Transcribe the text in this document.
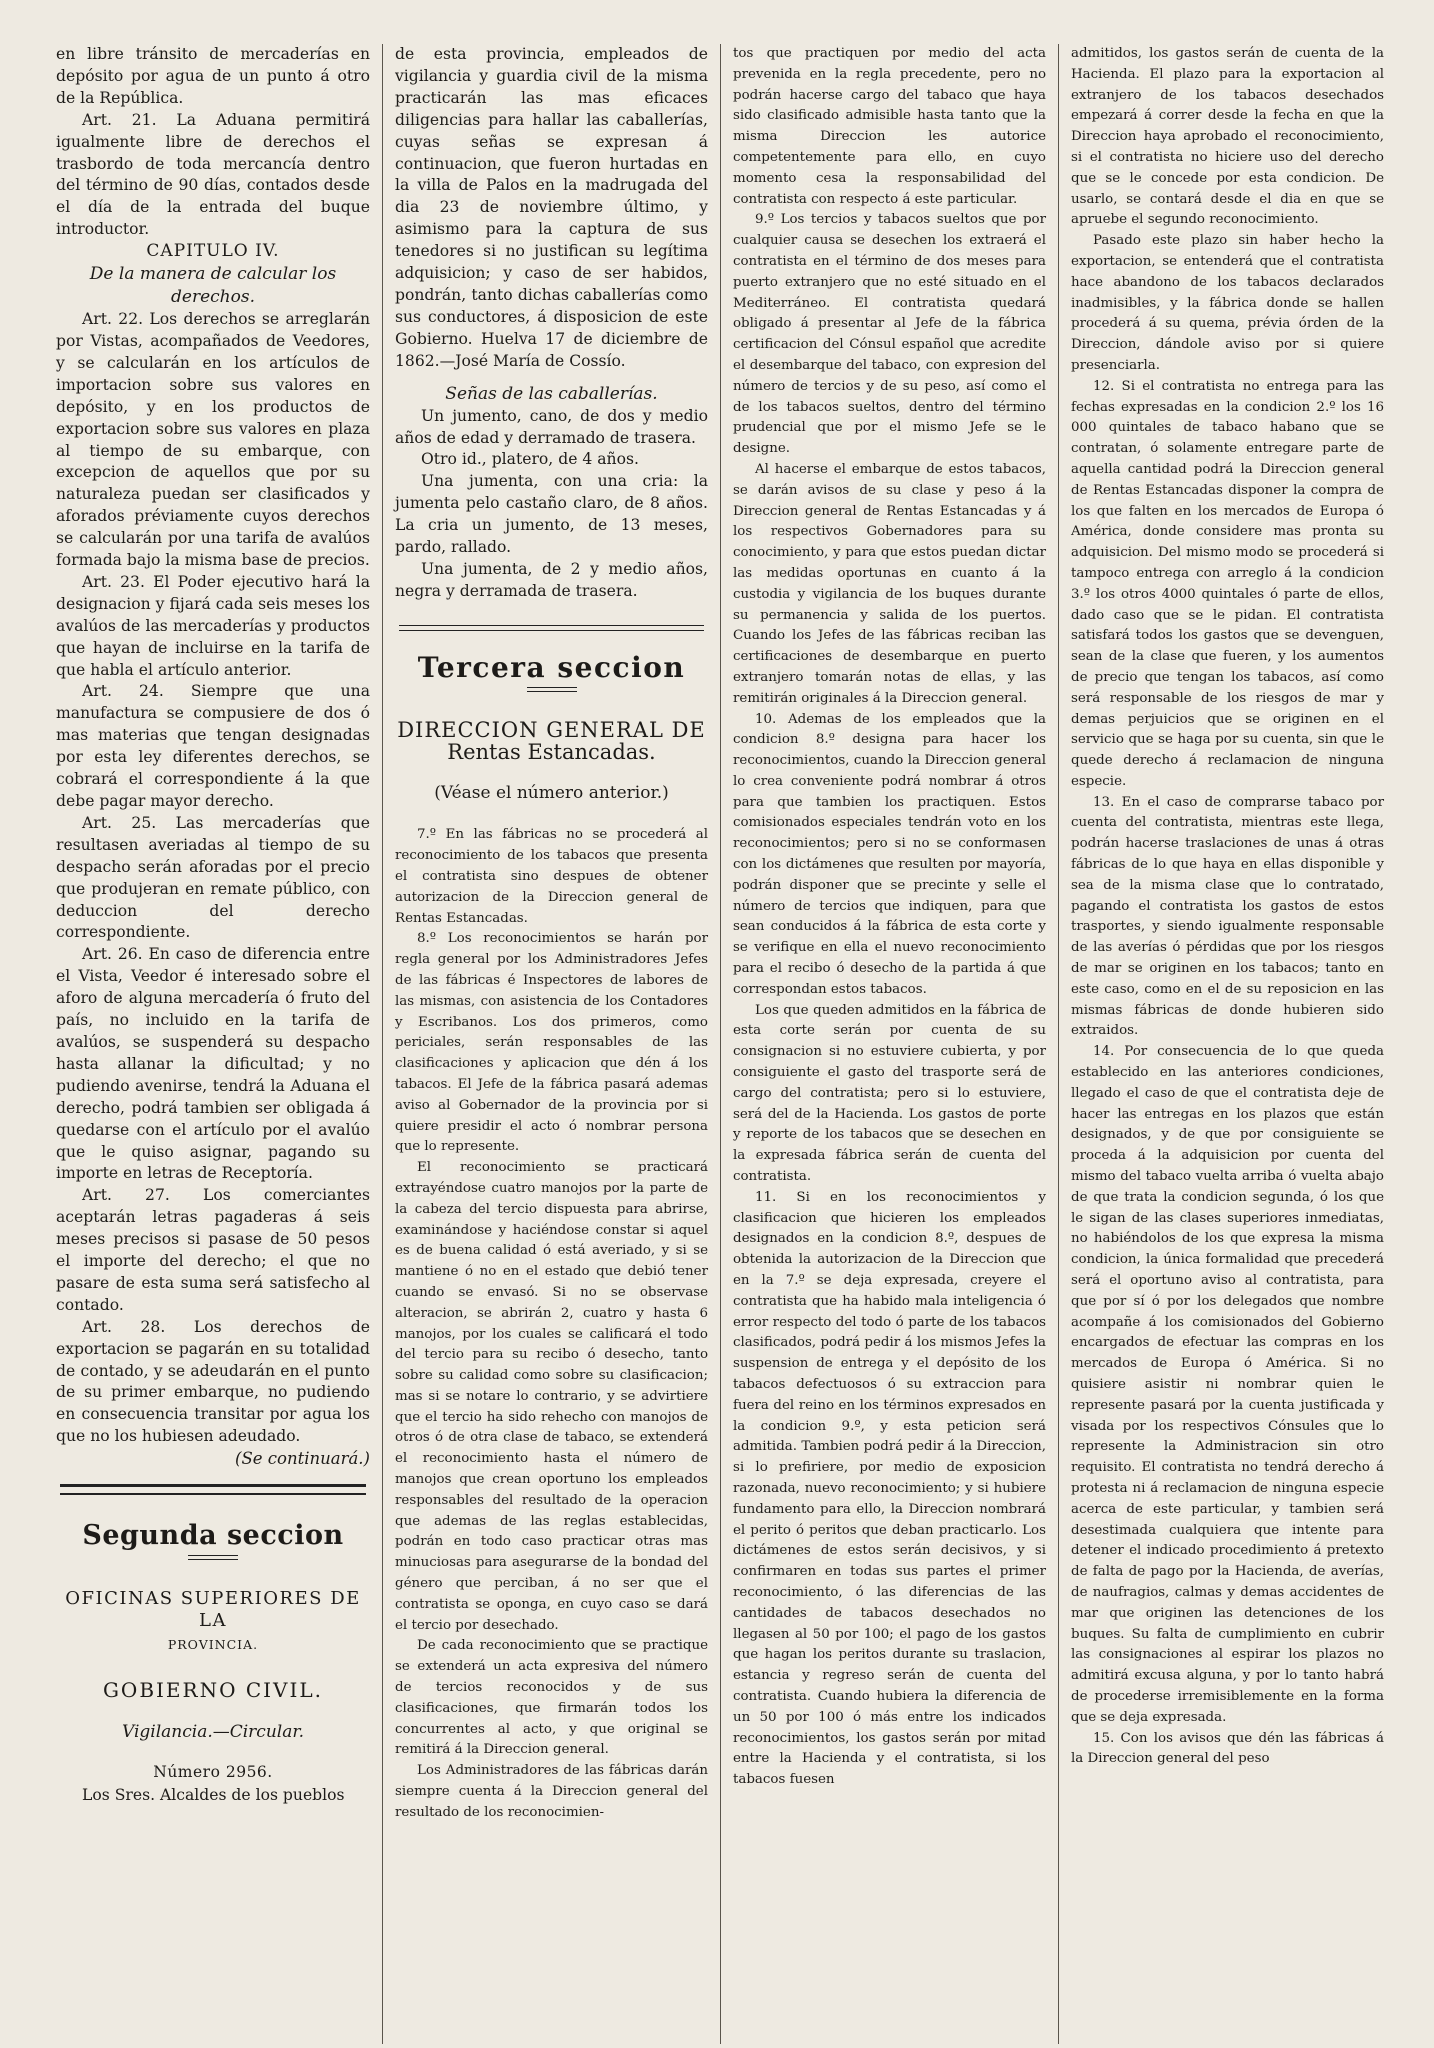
en libre tránsito de mercaderías en depósito por agua de un punto á otro de la República.

Art. 21. La Aduana permitirá igualmente libre de derechos el trasbordo de toda mercancía dentro del término de 90 días, contados desde el día de la entrada del buque introductor.

CAPITULO IV.

De la manera de calcular los derechos.

Art. 22. Los derechos se arreglarán por Vistas, acompañados de Veedores, y se calcularán en los artículos de importacion sobre sus valores en depósito, y en los productos de exportacion sobre sus valores en plaza al tiempo de su embarque, con excepcion de aquellos que por su naturaleza puedan ser clasificados y aforados préviamente cuyos derechos se calcularán por una tarifa de avalúos formada bajo la misma base de precios.

Art. 23. El Poder ejecutivo hará la designacion y fijará cada seis meses los avalúos de las mercaderías y productos que hayan de incluirse en la tarifa de que habla el artículo anterior.

Art. 24. Siempre que una manufactura se compusiere de dos ó mas materias que tengan designadas por esta ley diferentes derechos, se cobrará el correspondiente á la que debe pagar mayor derecho.

Art. 25. Las mercaderías que resultasen averiadas al tiempo de su despacho serán aforadas por el precio que produjeran en remate público, con deduccion del derecho correspondiente.

Art. 26. En caso de diferencia entre el Vista, Veedor é interesado sobre el aforo de alguna mercadería ó fruto del país, no incluido en la tarifa de avalúos, se suspenderá su despacho hasta allanar la dificultad; y no pudiendo avenirse, tendrá la Aduana el derecho, podrá tambien ser obligada á quedarse con el artículo por el avalúo que le quiso asignar, pagando su importe en letras de Receptoría.

Art. 27. Los comerciantes aceptarán letras pagaderas á seis meses precisos si pasase de 50 pesos el importe del derecho; el que no pasare de esta suma será satisfecho al contado.

Art. 28. Los derechos de exportacion se pagarán en su totalidad de contado, y se adeudarán en el punto de su primer embarque, no pudiendo en consecuencia transitar por agua los que no los hubiesen adeudado.

(Se continuará.)

Segunda seccion
OFICINAS SUPERIORES DE LA
PROVINCIA.
GOBIERNO CIVIL.
Vigilancia.—Circular.
Número 2956.

Los Sres. Alcaldes de los pueblos

de esta provincia, empleados de vigilancia y guardia civil de la misma practicarán las mas eficaces diligencias para hallar las caballerías, cuyas señas se expresan á continuacion, que fueron hurtadas en la villa de Palos en la madrugada del dia 23 de noviembre último, y asimismo para la captura de sus tenedores si no justifican su legítima adquisicion; y caso de ser habidos, pondrán, tanto dichas caballerías como sus conductores, á disposicion de este Gobierno. Huelva 17 de diciembre de 1862.—José María de Cossío.

Señas de las caballerías.

Un jumento, cano, de dos y medio años de edad y derramado de trasera.

Otro id., platero, de 4 años.

Una jumenta, con una cria: la jumenta pelo castaño claro, de 8 años. La cria un jumento, de 13 meses, pardo, rallado.

Una jumenta, de 2 y medio años, negra y derramada de trasera.

Tercera seccion
DIRECCION GENERAL DE
Rentas Estancadas.
(Véase el número anterior.)

7.º En las fábricas no se procederá al reconocimiento de los tabacos que presenta el contratista sino despues de obtener autorizacion de la Direccion general de Rentas Estancadas.

8.º Los reconocimientos se harán por regla general por los Administradores Jefes de las fábricas é Inspectores de labores de las mismas, con asistencia de los Contadores y Escribanos. Los dos primeros, como periciales, serán responsables de las clasificaciones y aplicacion que dén á los tabacos. El Jefe de la fábrica pasará ademas aviso al Gobernador de la provincia por si quiere presidir el acto ó nombrar persona que lo represente.

El reconocimiento se practicará extrayéndose cuatro manojos por la parte de la cabeza del tercio dispuesta para abrirse, examinándose y haciéndose constar si aquel es de buena calidad ó está averiado, y si se mantiene ó no en el estado que debió tener cuando se envasó. Si no se observase alteracion, se abrirán 2, cuatro y hasta 6 manojos, por los cuales se calificará el todo del tercio para su recibo ó desecho, tanto sobre su calidad como sobre su clasificacion; mas si se notare lo contrario, y se advirtiere que el tercio ha sido rehecho con manojos de otros ó de otra clase de tabaco, se extenderá el reconocimiento hasta el número de manojos que crean oportuno los empleados responsables del resultado de la operacion que ademas de las reglas establecidas, podrán en todo caso practicar otras mas minuciosas para asegurarse de la bondad del género que perciban, á no ser que el contratista se oponga, en cuyo caso se dará el tercio por desechado.

De cada reconocimiento que se practique se extenderá un acta expresiva del número de tercios reconocidos y de sus clasificaciones, que firmarán todos los concurrentes al acto, y que original se remitirá á la Direccion general.

Los Administradores de las fábricas darán siempre cuenta á la Direccion general del resultado de los reconocimien-

tos que practiquen por medio del acta prevenida en la regla precedente, pero no podrán hacerse cargo del tabaco que haya sido clasificado admisible hasta tanto que la misma Direccion les autorice competentemente para ello, en cuyo momento cesa la responsabilidad del contratista con respecto á este particular.

9.º Los tercios y tabacos sueltos que por cualquier causa se desechen los extraerá el contratista en el término de dos meses para puerto extranjero que no esté situado en el Mediterráneo. El contratista quedará obligado á presentar al Jefe de la fábrica certificacion del Cónsul español que acredite el desembarque del tabaco, con expresion del número de tercios y de su peso, así como el de los tabacos sueltos, dentro del término prudencial que por el mismo Jefe se le designe.

Al hacerse el embarque de estos tabacos, se darán avisos de su clase y peso á la Direccion general de Rentas Estancadas y á los respectivos Gobernadores para su conocimiento, y para que estos puedan dictar las medidas oportunas en cuanto á la custodia y vigilancia de los buques durante su permanencia y salida de los puertos. Cuando los Jefes de las fábricas reciban las certificaciones de desembarque en puerto extranjero tomarán notas de ellas, y las remitirán originales á la Direccion general.

10. Ademas de los empleados que la condicion 8.º designa para hacer los reconocimientos, cuando la Direccion general lo crea conveniente podrá nombrar á otros para que tambien los practiquen. Estos comisionados especiales tendrán voto en los reconocimientos; pero si no se conformasen con los dictámenes que resulten por mayoría, podrán disponer que se precinte y selle el número de tercios que indiquen, para que sean conducidos á la fábrica de esta corte y se verifique en ella el nuevo reconocimiento para el recibo ó desecho de la partida á que correspondan estos tabacos.

Los que queden admitidos en la fábrica de esta corte serán por cuenta de su consignacion si no estuviere cubierta, y por consiguiente el gasto del trasporte será de cargo del contratista; pero si lo estuviere, será del de la Hacienda. Los gastos de porte y reporte de los tabacos que se desechen en la expresada fábrica serán de cuenta del contratista.

11. Si en los reconocimientos y clasificacion que hicieren los empleados designados en la condicion 8.º, despues de obtenida la autorizacion de la Direccion que en la 7.º se deja expresada, creyere el contratista que ha habido mala inteligencia ó error respecto del todo ó parte de los tabacos clasificados, podrá pedir á los mismos Jefes la suspension de entrega y el depósito de los tabacos defectuosos ó su extraccion para fuera del reino en los términos expresados en la condicion 9.º, y esta peticion será admitida. Tambien podrá pedir á la Direccion, si lo prefiriere, por medio de exposicion razonada, nuevo reconocimiento; y si hubiere fundamento para ello, la Direccion nombrará el perito ó peritos que deban practicarlo. Los dictámenes de estos serán decisivos, y si confirmaren en todas sus partes el primer reconocimiento, ó las diferencias de las cantidades de tabacos desechados no llegasen al 50 por 100; el pago de los gastos que hagan los peritos durante su traslacion, estancia y regreso serán de cuenta del contratista. Cuando hubiera la diferencia de un 50 por 100 ó más entre los indicados reconocimientos, los gastos serán por mitad entre la Hacienda y el contratista, si los tabacos fuesen

admitidos, los gastos serán de cuenta de la Hacienda. El plazo para la exportacion al extranjero de los tabacos desechados empezará á correr desde la fecha en que la Direccion haya aprobado el reconocimiento, si el contratista no hiciere uso del derecho que se le concede por esta condicion. De usarlo, se contará desde el dia en que se apruebe el segundo reconocimiento.

Pasado este plazo sin haber hecho la exportacion, se entenderá que el contratista hace abandono de los tabacos declarados inadmisibles, y la fábrica donde se hallen procederá á su quema, prévia órden de la Direccion, dándole aviso por si quiere presenciarla.

12. Si el contratista no entrega para las fechas expresadas en la condicion 2.º los 16 000 quintales de tabaco habano que se contratan, ó solamente entregare parte de aquella cantidad podrá la Direccion general de Rentas Estancadas disponer la compra de los que falten en los mercados de Europa ó América, donde considere mas pronta su adquisicion. Del mismo modo se procederá si tampoco entrega con arreglo á la condicion 3.º los otros 4000 quintales ó parte de ellos, dado caso que se le pidan. El contratista satisfará todos los gastos que se devenguen, sean de la clase que fueren, y los aumentos de precio que tengan los tabacos, así como será responsable de los riesgos de mar y demas perjuicios que se originen en el servicio que se haga por su cuenta, sin que le quede derecho á reclamacion de ninguna especie.

13. En el caso de comprarse tabaco por cuenta del contratista, mientras este llega, podrán hacerse traslaciones de unas á otras fábricas de lo que haya en ellas disponible y sea de la misma clase que lo contratado, pagando el contratista los gastos de estos trasportes, y siendo igualmente responsable de las averías ó pérdidas que por los riesgos de mar se originen en los tabacos; tanto en este caso, como en el de su reposicion en las mismas fábricas de donde hubieren sido extraidos.

14. Por consecuencia de lo que queda establecido en las anteriores condiciones, llegado el caso de que el contratista deje de hacer las entregas en los plazos que están designados, y de que por consiguiente se proceda á la adquisicion por cuenta del mismo del tabaco vuelta arriba ó vuelta abajo de que trata la condicion segunda, ó los que le sigan de las clases superiores inmediatas, no habiéndolos de los que expresa la misma condicion, la única formalidad que precederá será el oportuno aviso al contratista, para que por sí ó por los delegados que nombre acompañe á los comisionados del Gobierno encargados de efectuar las compras en los mercados de Europa ó América. Si no quisiere asistir ni nombrar quien le represente pasará por la cuenta justificada y visada por los respectivos Cónsules que lo represente la Administracion sin otro requisito. El contratista no tendrá derecho á protesta ni á reclamacion de ninguna especie acerca de este particular, y tambien será desestimada cualquiera que intente para detener el indicado procedimiento á pretexto de falta de pago por la Hacienda, de averías, de naufragios, calmas y demas accidentes de mar que originen las detenciones de los buques. Su falta de cumplimiento en cubrir las consignaciones al espirar los plazos no admitirá excusa alguna, y por lo tanto habrá de procederse irremisiblemente en la forma que se deja expresada.

15. Con los avisos que dén las fábricas á la Direccion general del peso
